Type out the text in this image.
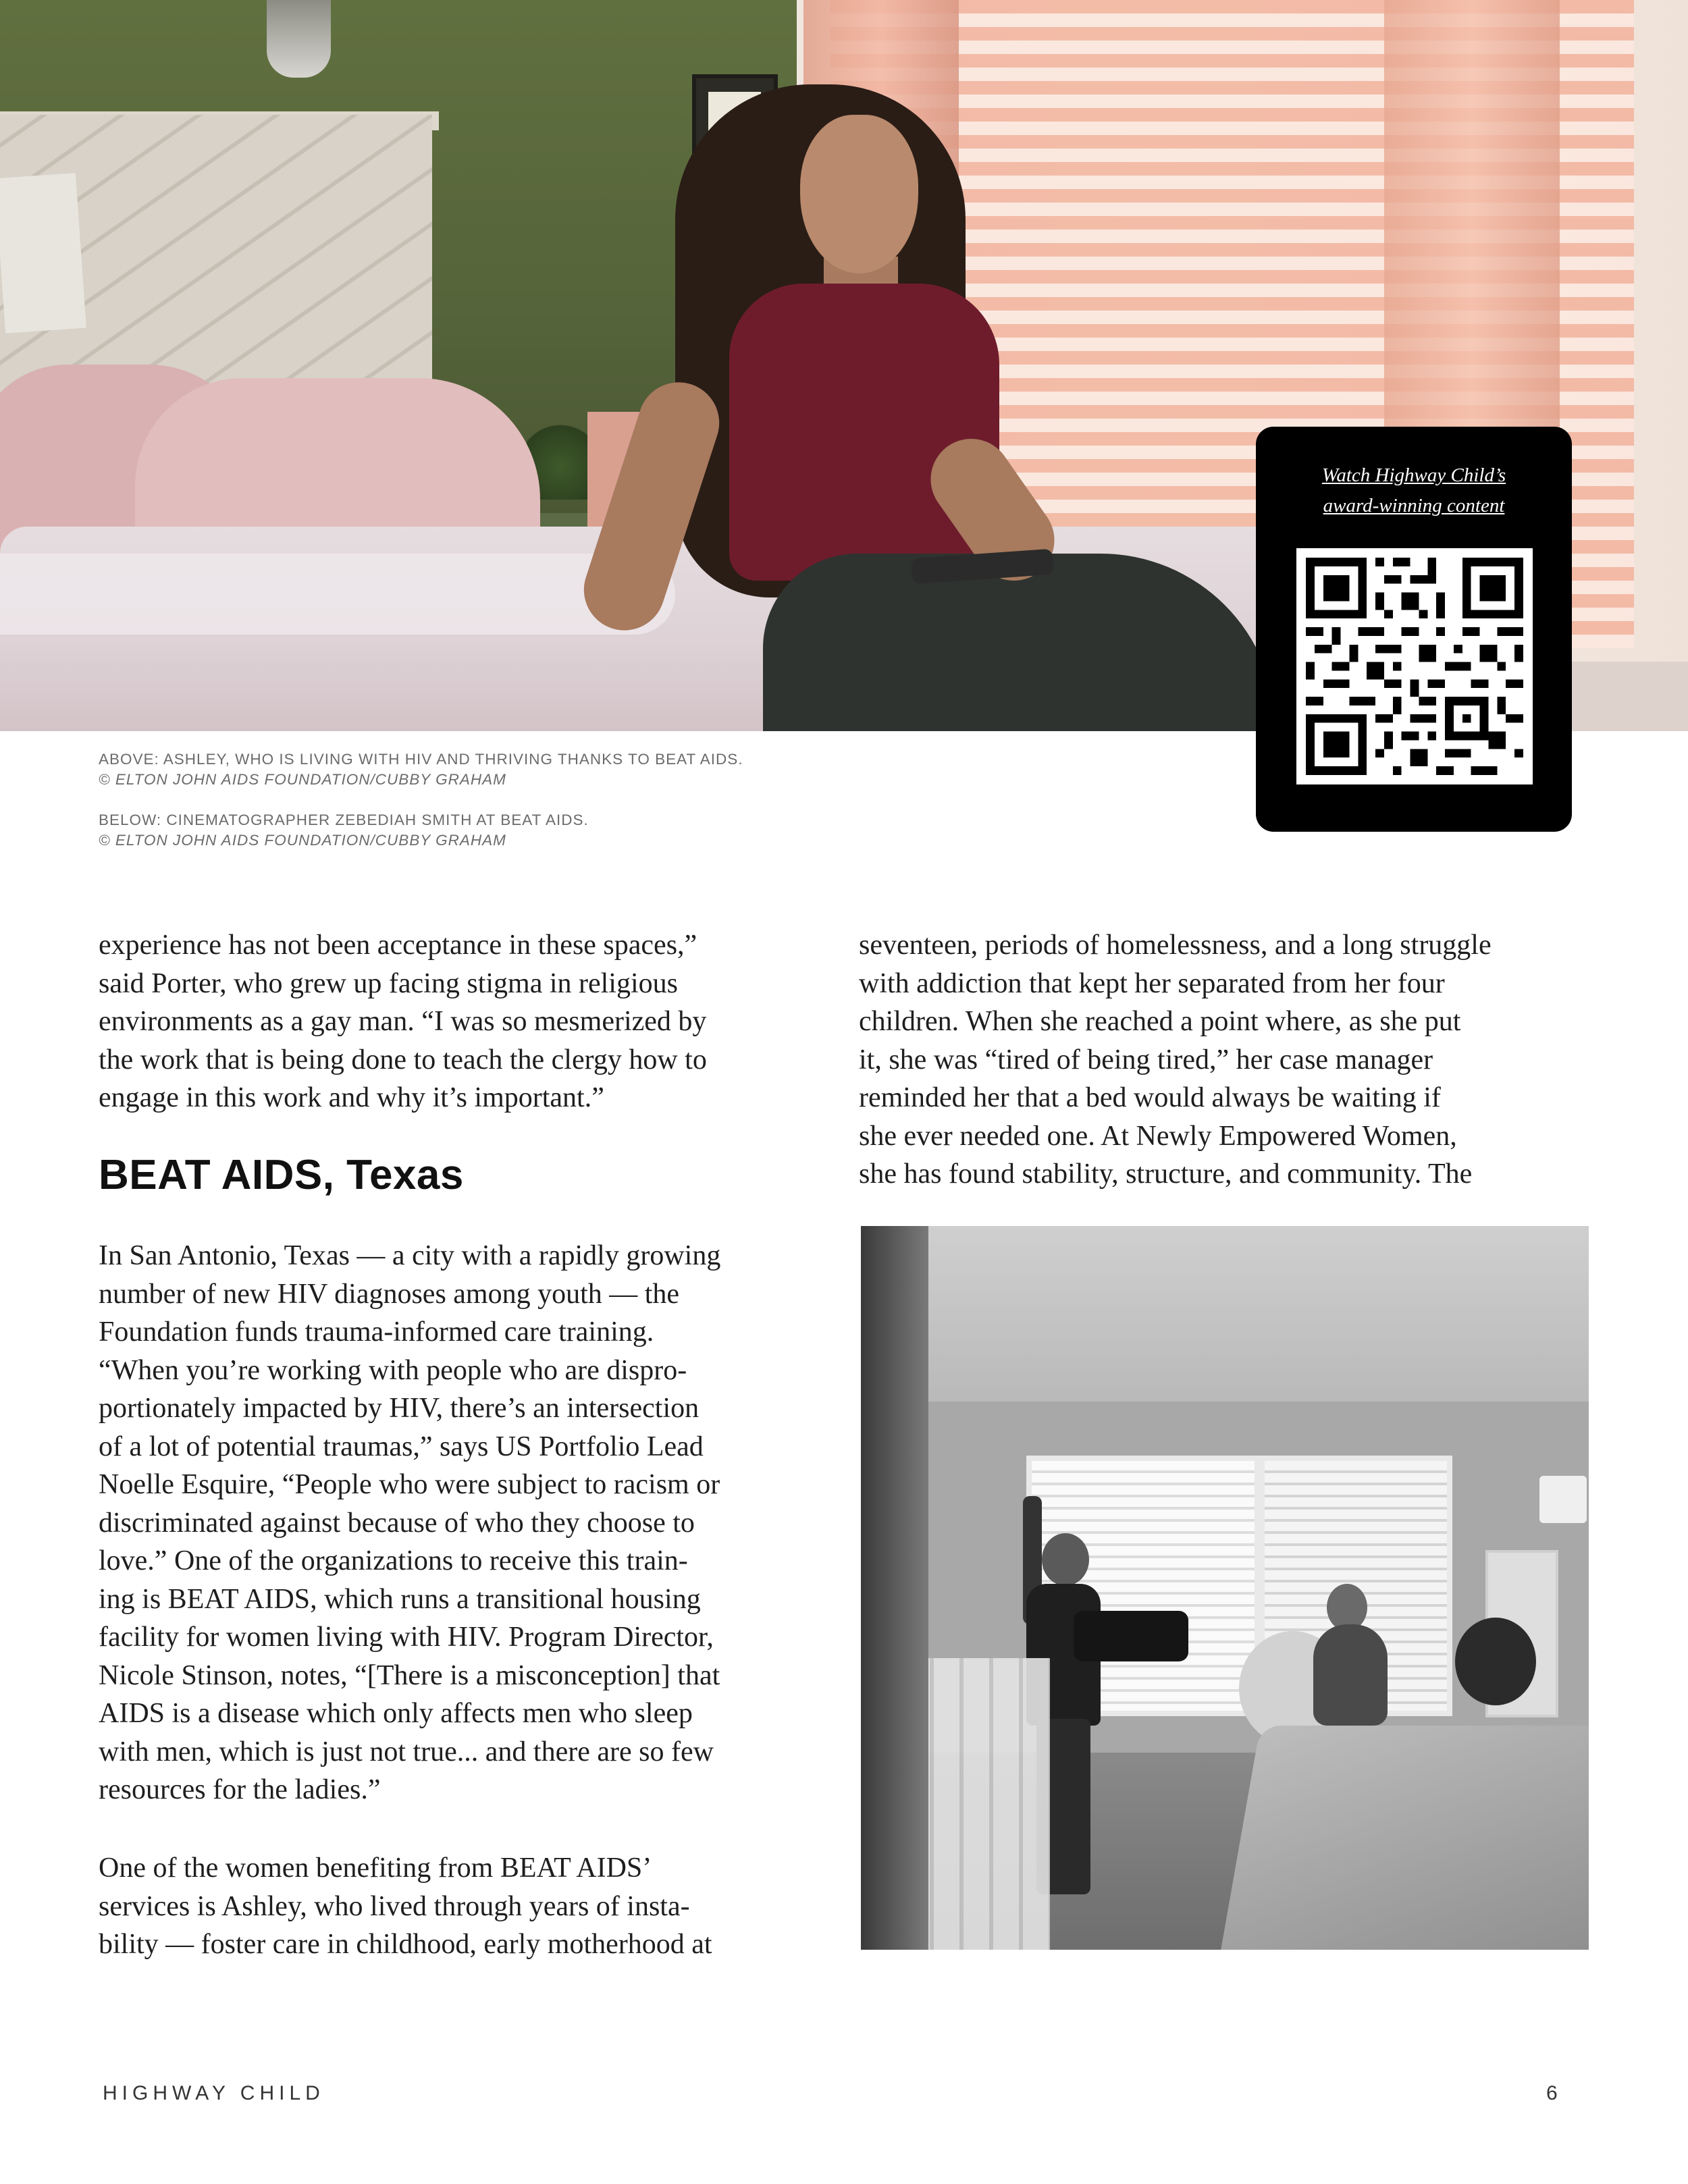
Watch Highway Child’s
award-winning content
ABOVE: ASHLEY, WHO IS LIVING WITH HIV AND THRIVING THANKS TO BEAT AIDS.
© ELTON JOHN AIDS FOUNDATION/CUBBY GRAHAM
BELOW: CINEMATOGRAPHER ZEBEDIAH SMITH AT BEAT AIDS.
© ELTON JOHN AIDS FOUNDATION/CUBBY GRAHAM

experience has not been acceptance in these spaces,”

said Porter, who grew up facing stigma in religious

environments as a gay man. “I was so mesmerized by

the work that is being done to teach the clergy how to

engage in this work and why it’s important.”

BEAT AIDS, Texas

In San Antonio, Texas — a city with a rapidly growing

number of new HIV diagnoses among youth — the

Foundation funds trauma-informed care training.

“When you’re working with people who are dispro-

portionately impacted by HIV, there’s an intersection

of a lot of potential traumas,” says US Portfolio Lead

Noelle Esquire, “People who were subject to racism or

discriminated against because of who they choose to

love.” One of the organizations to receive this train-

ing is BEAT AIDS, which runs a transitional housing

facility for women living with HIV. Program Director,

Nicole Stinson, notes, “[There is a misconception] that

AIDS is a disease which only affects men who sleep

with men, which is just not true... and there are so few

resources for the ladies.”

One of the women benefiting from BEAT AIDS’

services is Ashley, who lived through years of insta-

bility — foster care in childhood, early motherhood at

seventeen, periods of homelessness, and a long struggle

with addiction that kept her separated from her four

children. When she reached a point where, as she put

it, she was “tired of being tired,” her case manager

reminded her that a bed would always be waiting if

she ever needed one. At Newly Empowered Women,

she has found stability, structure, and community. The

HIGHWAY CHILD	6
